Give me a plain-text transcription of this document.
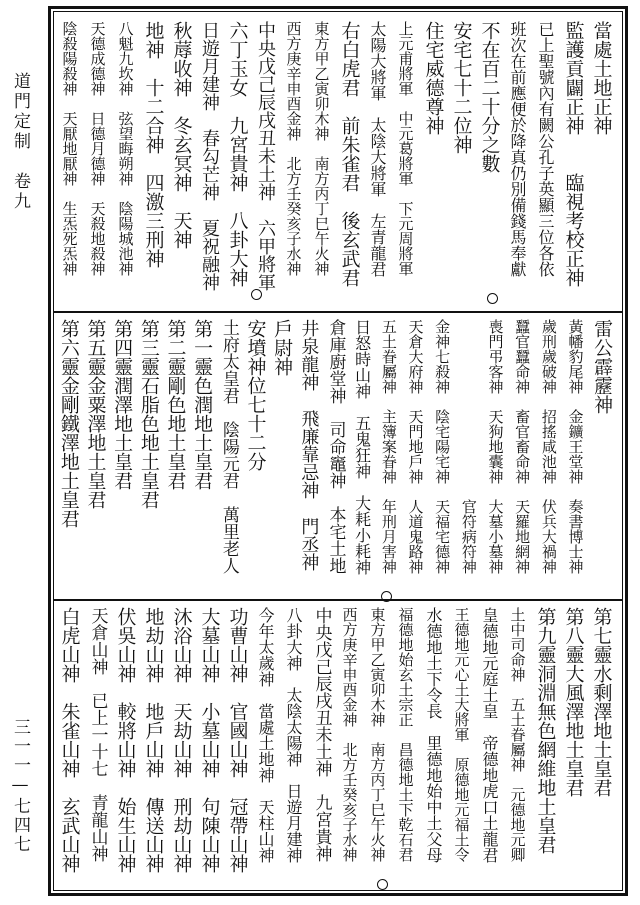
道門定制　卷九
三一一—七四七
當處土地正神
監護貢闢正神　　臨視考校正神
已上聖號內有闕公孔子英顯三位各依
班次在前應便於降真仍別備錢馬奉獻
不在百二十分之數
安宅七十二位神
住宅威德尊神
上元甫將軍　中元葛將軍　下元周將軍
太陽大將軍　太陰大將軍　左青龍君
右白虎君　前朱雀君　後玄武君
東方甲乙寅卯木神　南方丙丁巳午火神
西方庚辛申酉金神　北方壬癸亥子水神
中央戊己辰戌丑未土神　六甲將軍
六丁玉女　九宮貴神　八卦大神
日遊月建神　春勾芒神　夏祝融神
秋蓐收神　冬玄冥神　天神
地神　十二合神　四激三刑神
八魁九坎神　弦望晦朔神　陰陽城池神
天德成德神　日德月德神　天殺地殺神
陰殺陽殺神　天厭地厭神　生炁死炁神
雷公霹靂神
黃幡豹尾神　金鑛王堂神　奏書博士神
歲刑歲破神　招搖咸池神　伏兵大禍神
蠶官蠶命神　畜官畜命神　天羅地網神
喪門弔客神　天狗地囊神　大墓小墓神
　　　　　　　　　　　　官符病符神
金神七殺神　陰宅陽宅神　天福宅德神
天倉大府神　天門地戶神　人道鬼路神
五土眷屬神　主簿案眷神　年刑月害神
日怒時山神　五鬼狂神　大耗小耗神
倉庫廚堂神　司命竈神　本宅土地
井泉龍神　飛廉靠忌神　門丞神
戶尉神
安墳神位七十二分
土府太皇君　陰陽元君　萬里老人
第一靈色潤地土皇君
第二靈剛色地土皇君
第三靈石脂色地土皇君
第四靈潤澤地土皇君
第五靈金粟澤地土皇君
第六靈金剛鐵澤地土皇君
第七靈水剩澤地土皇君
第八靈大風澤地土皇君
第九靈洞淵無色網維地土皇君
土中司命神　五土眷屬神　元德地元卿
皇德地元庭土皇　帝德地虎口土龍君
王德地元心土大將軍　原德地元福土令
水德地土下令長　里德地始中土父母
福德地始玄土宗正　昌德地土下乾石君
東方甲乙寅卯木神　南方丙丁巳午火神
西方庚辛申酉金神　北方壬癸亥子水神
中央戊己辰戌丑未土神　九宮貴神
八卦大神　太陰太陽神　日遊月建神
今年太歲神　當處土地神　天柱山神
功曹山神　官國山神　冠帶山神
大墓山神　小墓山神　句陳山神
沐浴山神　天劫山神　刑劫山神
地劫山神　地戶山神　傳送山神
伏吳山神　較將山神　始生山神
天倉山神　已上一十七　青龍山神
白虎山神　朱雀山神　玄武山神
